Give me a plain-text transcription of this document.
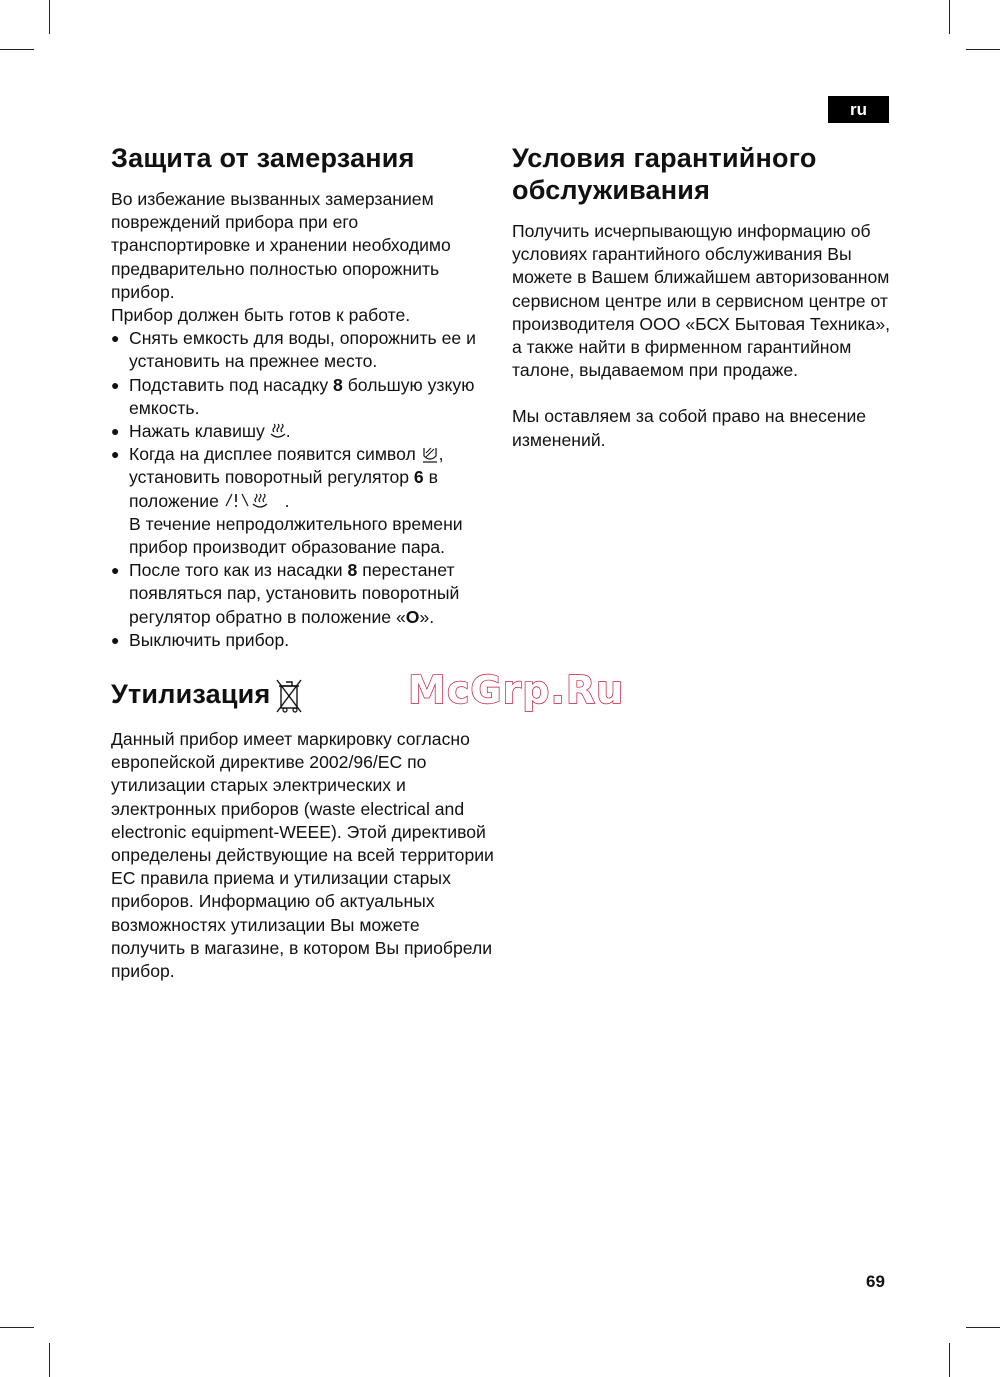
ru
Защита от замерзания

Во избежание вызванных замерзанием повреждений прибора при его транспортировке и хранении необходимо предварительно полностью опорожнить прибор.

Прибор должен быть готов к работе.

● Снять емкость для воды, опорожнить ее и установить на прежнее место.
● Подставить под насадку 8 большую узкую емкость.
● Нажать клавишу .
● Когда на дисплее появится символ , установить поворотный регулятор 6 в положение	.
В течение непродолжительного времени прибор производит образование пара.
● После того как из насадки 8 перестанет появляться пар, установить поворотный регулятор обратно в положение «O».
● Выключить прибор.
Утилизация

Данный прибор имеет маркировку согласно европейской директиве 2002/96/EC по утилизации старых электрических и электронных приборов (waste electrical and electronic equipment-WEEE). Этой директивой определены действующие на всей территории ЕС правила приема и утилизации старых приборов. Информацию об актуальных возможностях утилизации Вы можете получить в магазине, в котором Вы приобрели прибор.

Условия гарантийного обслуживания

Получить исчерпывающую информацию об условиях гарантийного обслуживания Вы можете в Вашем ближайшем авторизованном сервисном центре или в сервисном центре от производителя ООО «БСХ Бытовая Техника», а также найти в фирменном гарантийном талоне, выдаваемом при продаже.

Мы оставляем за собой право на внесение изменений.

McGrp.Ru
69
